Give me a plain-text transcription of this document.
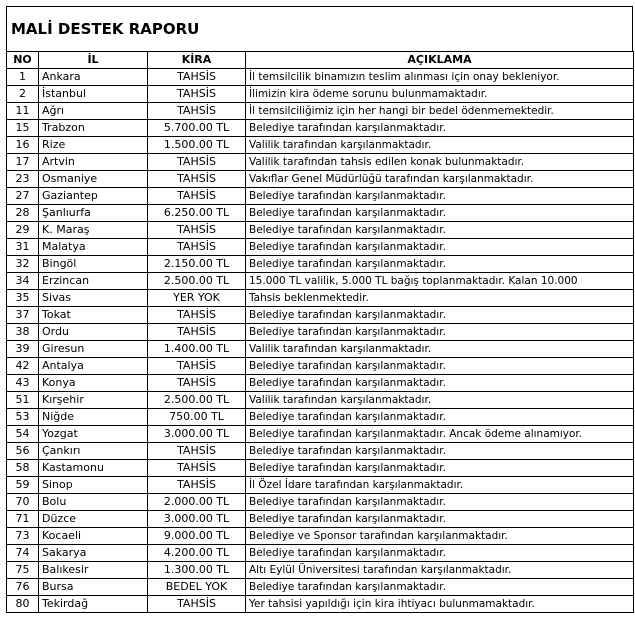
MALİ DESTEK RAPORU
NO	İL	KİRA	AÇIKLAMA
1	Ankara	TAHSİS	İl temsilcilik binamızın teslim alınması için onay bekleniyor.
2	İstanbul	TAHSİS	İlimizin kira ödeme sorunu bulunmamaktadır.
11	Ağrı	TAHSİS	İl temsilciliğimiz için her hangi bir bedel ödenmemektedir.
15	Trabzon	5.700.00 TL	Belediye tarafından karşılanmaktadır.
16	Rize	1.500.00 TL	Valilik tarafından karşılanmaktadır.
17	Artvin	TAHSİS	Valilik tarafından tahsis edilen konak bulunmaktadır.
23	Osmaniye	TAHSİS	Vakıflar Genel Müdürlüğü tarafından karşılanmaktadır.
27	Gaziantep	TAHSİS	Belediye tarafından karşılanmaktadır.
28	Şanlıurfa	6.250.00 TL	Belediye tarafından karşılanmaktadır.
29	K. Maraş	TAHSİS	Belediye tarafından karşılanmaktadır.
31	Malatya	TAHSİS	Belediye tarafından karşılanmaktadır.
32	Bingöl	2.150.00 TL	Belediye tarafından karşılanmaktadır.
34	Erzincan	2.500.00 TL	15.000 TL valilik, 5.000 TL bağış toplanmaktadır. Kalan 10.000
35	Sivas	YER YOK	Tahsis beklenmektedir.
37	Tokat	TAHSİS	Belediye tarafından karşılanmaktadır.
38	Ordu	TAHSİS	Belediye tarafından karşılanmaktadır.
39	Giresun	1.400.00 TL	Valilik tarafından karşılanmaktadır.
42	Antalya	TAHSİS	Belediye tarafından karşılanmaktadır.
43	Konya	TAHSİS	Belediye tarafından karşılanmaktadır.
51	Kırşehir	2.500.00 TL	Valilik tarafından karşılanmaktadır.
53	Niğde	750.00 TL	Belediye tarafından karşılanmaktadır.
54	Yozgat	3.000.00 TL	Belediye tarafından karşılanmaktadır. Ancak ödeme alınamıyor.
56	Çankırı	TAHSİS	Belediye tarafından karşılanmaktadır.
58	Kastamonu	TAHSİS	Belediye tarafından karşılanmaktadır.
59	Sinop	TAHSİS	İl Özel İdare tarafından karşılanmaktadır.
70	Bolu	2.000.00 TL	Belediye tarafından karşılanmaktadır.
71	Düzce	3.000.00 TL	Belediye tarafından karşılanmaktadır.
73	Kocaeli	9.000.00 TL	Belediye ve Sponsor tarafından karşılanmaktadır.
74	Sakarya	4.200.00 TL	Belediye tarafından karşılanmaktadır.
75	Balıkesir	1.300.00 TL	Altı Eylül Üniversitesi tarafından karşılanmaktadır.
76	Bursa	BEDEL YOK	Belediye tarafından karşılanmaktadır.
80	Tekirdağ	TAHSİS	Yer tahsisi yapıldığı için kira ihtiyacı bulunmamaktadır.
